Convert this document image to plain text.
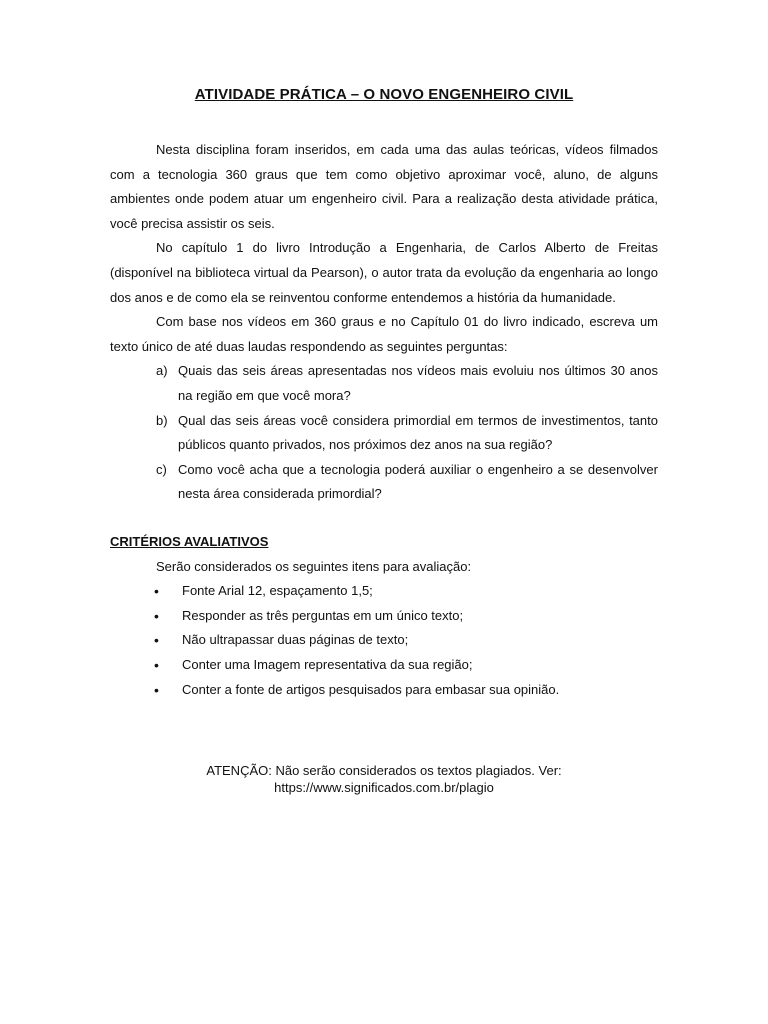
ATIVIDADE PRÁTICA – O NOVO ENGENHEIRO CIVIL

Nesta disciplina foram inseridos, em cada uma das aulas teóricas, vídeos filmados com a tecnologia 360 graus que tem como objetivo aproximar você, aluno, de alguns ambientes onde podem atuar um engenheiro civil. Para a realização desta atividade prática, você precisa assistir os seis.

No capítulo 1 do livro Introdução a Engenharia, de Carlos Alberto de Freitas (disponível na biblioteca virtual da Pearson), o autor trata da evolução da engenharia ao longo dos anos e de como ela se reinventou conforme entendemos a história da humanidade.

Com base nos vídeos em 360 graus e no Capítulo 01 do livro indicado, escreva um texto único de até duas laudas respondendo as seguintes perguntas:

a) Quais das seis áreas apresentadas nos vídeos mais evoluiu nos últimos 30 anos na região em que você mora?
b) Qual das seis áreas você considera primordial em termos de investimentos, tanto públicos quanto privados, nos próximos dez anos na sua região?
c) Como você acha que a tecnologia poderá auxiliar o engenheiro a se desenvolver nesta área considerada primordial?
CRITÉRIOS AVALIATIVOS
Serão considerados os seguintes itens para avaliação:
• Fonte Arial 12, espaçamento 1,5;
• Responder as três perguntas em um único texto;
• Não ultrapassar duas páginas de texto;
• Conter uma Imagem representativa da sua região;
• Conter a fonte de artigos pesquisados para embasar sua opinião.
ATENÇÃO: Não serão considerados os textos plagiados. Ver:
https://www.significados.com.br/plagio
